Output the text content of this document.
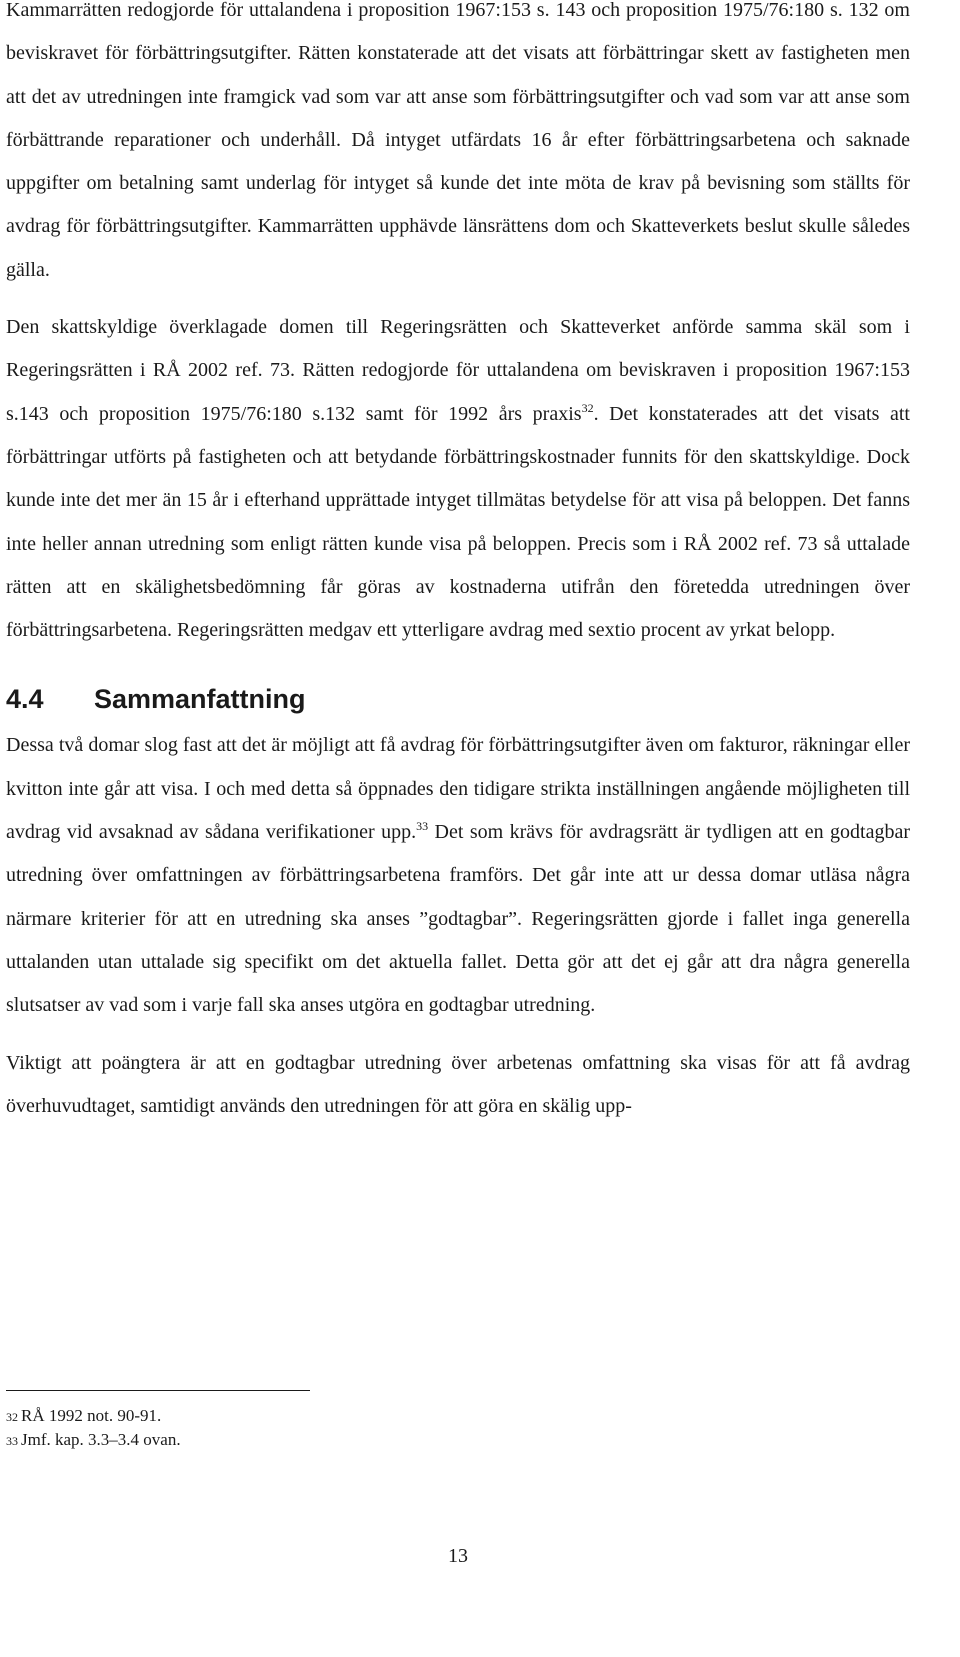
Kammarrätten redogjorde för uttalandena i proposition 1967:153 s. 143 och proposition 1975/76:180 s. 132 om beviskravet för förbättringsutgifter. Rätten konstaterade att det visats att förbättringar skett av fastigheten men att det av utredningen inte framgick vad som var att anse som förbättringsutgifter och vad som var att anse som förbättrande reparationer och underhåll. Då intyget utfärdats 16 år efter förbättringsarbetena och saknade uppgifter om betalning samt underlag för intyget så kunde det inte möta de krav på bevisning som ställts för avdrag för förbättringsutgifter. Kammarrätten upphävde länsrättens dom och Skatteverkets beslut skulle således gälla.

Den skattskyldige överklagade domen till Regeringsrätten och Skatteverket anförde samma skäl som i Regeringsrätten i RÅ 2002 ref. 73. Rätten redogjorde för uttalandena om beviskraven i proposition 1967:153 s.143 och proposition 1975/76:180 s.132 samt för 1992 års praxis$^{32}$. Det konstaterades att det visats att förbättringar utförts på fastigheten och att betydande förbättringskostnader funnits för den skattskyldige. Dock kunde inte det mer än 15 år i efterhand upprättade intyget tillmätas betydelse för att visa på beloppen. Det fanns inte heller annan utredning som enligt rätten kunde visa på beloppen. Precis som i RÅ 2002 ref. 73 så uttalade rätten att en skälighetsbedömning får göras av kostnaderna utifrån den företedda utredningen över förbättringsarbetena. Regeringsrätten medgav ett ytterligare avdrag med sextio procent av yrkat belopp.

4.4 Sammanfattning

Dessa två domar slog fast att det är möjligt att få avdrag för förbättringsutgifter även om fakturor, räkningar eller kvitton inte går att visa. I och med detta så öppnades den tidigare strikta inställningen angående möjligheten till avdrag vid avsaknad av sådana verifikationer upp.$^{33}$ Det som krävs för avdragsrätt är tydligen att en godtagbar utredning över omfattningen av förbättringsarbetena framförs. Det går inte att ur dessa domar utläsa några närmare kriterier för att en utredning ska anses ”godtagbar”. Regeringsrätten gjorde i fallet inga generella uttalanden utan uttalade sig specifikt om det aktuella fallet. Detta gör att det ej går att dra några generella slutsatser av vad som i varje fall ska anses utgöra en godtagbar utredning.

Viktigt att poängtera är att en godtagbar utredning över arbetenas omfattning ska visas för att få avdrag överhuvudtaget, samtidigt används den utredningen för att göra en skälig upp-

$^{32}$ RÅ 1992 not. 90-91.
$^{33}$ Jmf. kap. 3.3–3.4 ovan.
13
